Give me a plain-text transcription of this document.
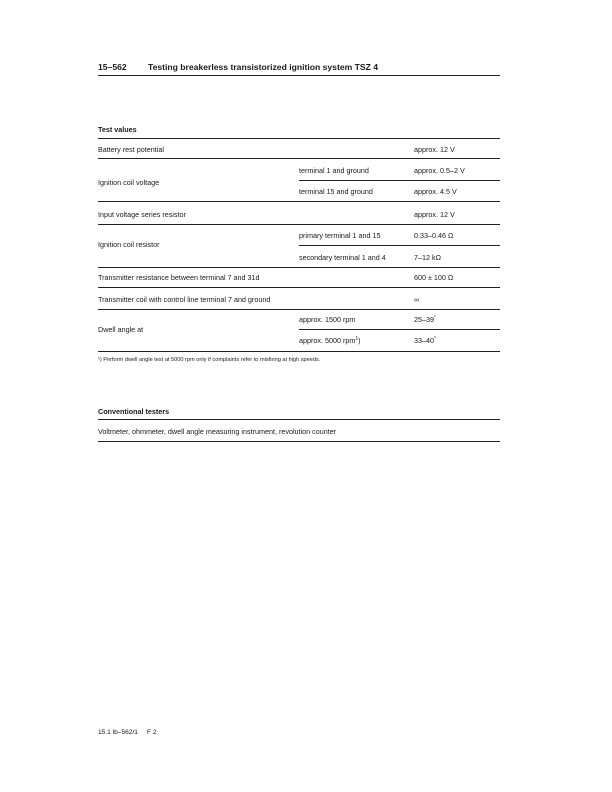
15–562 Testing breakerless transistorized ignition system TSZ 4
Test values
Battery rest potential	approx. 12 V
Ignition coil voltage
terminal 1 and ground	approx. 0.5–2 V
terminal 15 and ground	approx. 4.5 V
Input voltage series resistor	approx. 12 V
Ignition coil resistor
primary terminal 1 and 15	0.33–0.46 Ω
secondary terminal 1 and 4	7–12 kΩ
Transmitter resistance between terminal 7 and 31d	600 ± 100 Ω
Transmitter coil with control line terminal 7 and ground	∞
Dwell angle at
approx. 1500 rpm	25–39°
approx. 5000 rpm$^1$)	33–40°
¹) Perform dwell angle test at 5000 rpm only if complaints refer to misfiring at high speeds.
Conventional testers
Voltmeter, ohmmeter, dwell angle measuring instrument, revolution counter
15.1 lb–562/1 F 2
